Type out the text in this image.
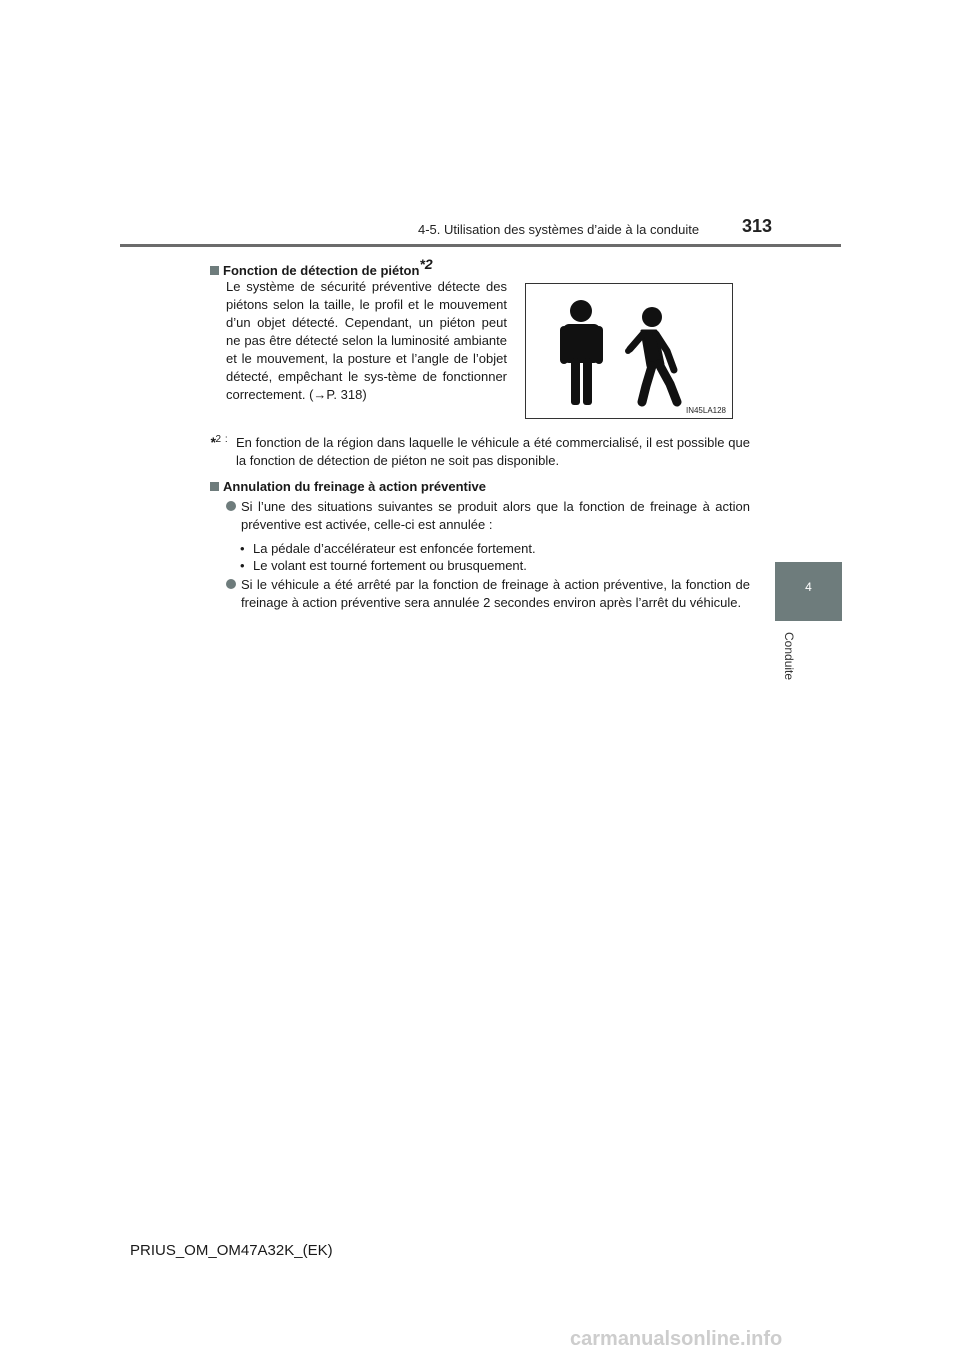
4-5. Utilisation des systèmes d’aide à la conduite 313
4
Conduite
Fonction de détection de piéton*2
Le système de sécurité préventive détecte des piétons selon la taille, le profil et le mouvement d’un objet détecté. Cependant, un piéton peut ne pas être détecté selon la luminosité ambiante et le mouvement, la posture et l’angle de l’objet détecté, empêchant le sys-tème de fonctionner correctement. (→P. 318)
IN45LA128
*$^2$ : En fonction de la région dans laquelle le véhicule a été commercialisé, il est possible que la fonction de détection de piéton ne soit pas disponible.
Annulation du freinage à action préventive
Si l’une des situations suivantes se produit alors que la fonction de freinage à action préventive est activée, celle-ci est annulée :
• La pédale d’accélérateur est enfoncée fortement.
• Le volant est tourné fortement ou brusquement.
Si le véhicule a été arrêté par la fonction de freinage à action préventive, la fonction de freinage à action préventive sera annulée 2 secondes environ après l’arrêt du véhicule.
PRIUS_OM_OM47A32K_(EK)
carmanualsonline.info
